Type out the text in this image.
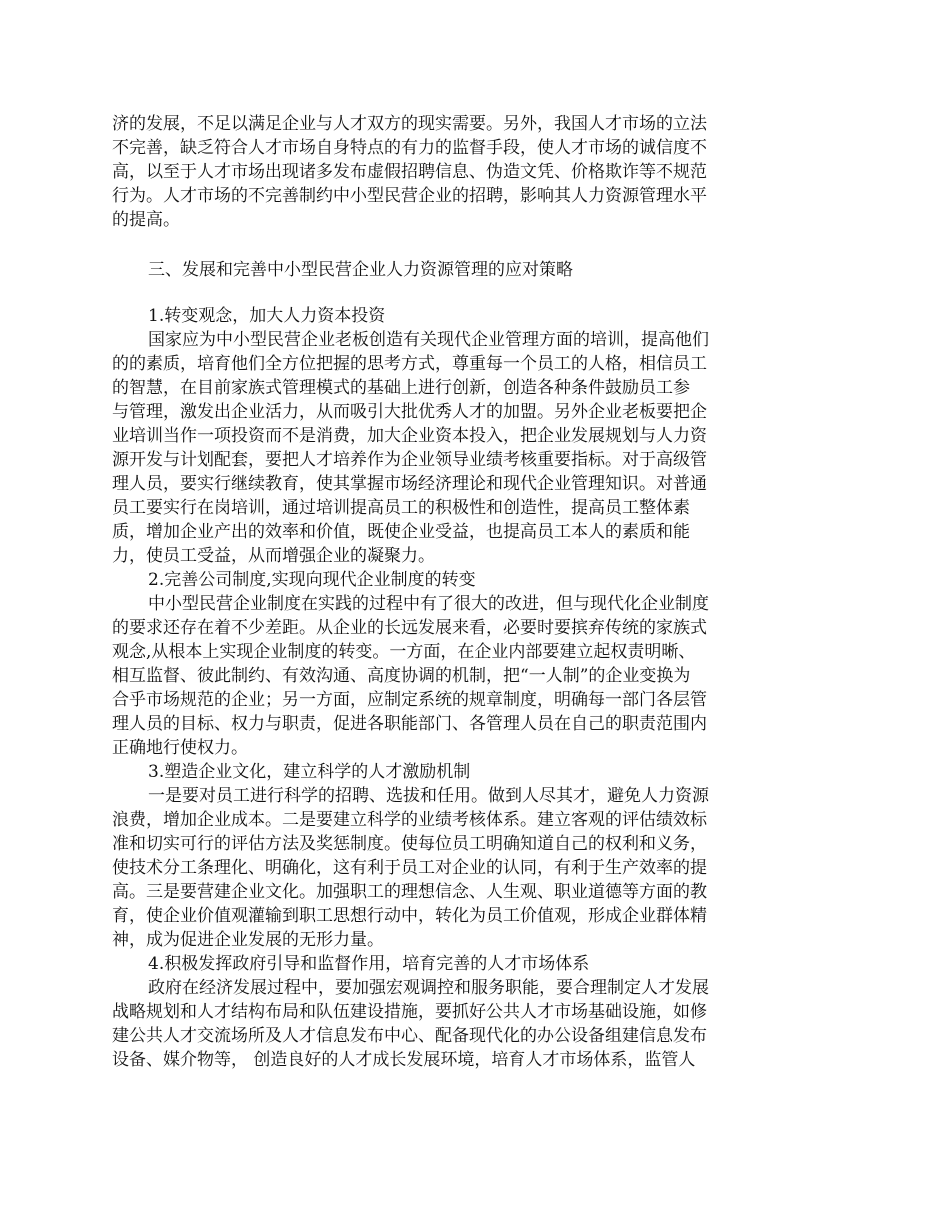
济的发展，不足以满足企业与人才双方的现实需要。另外，我国人才市场的立法
不完善，缺乏符合人才市场自身特点的有力的监督手段，使人才市场的诚信度不
高，以至于人才市场出现诸多发布虚假招聘信息、伪造文凭、价格欺诈等不规范
行为。人才市场的不完善制约中小型民营企业的招聘，影响其人力资源管理水平
的提高。
三、发展和完善中小型民营企业人力资源管理的应对策略
1.转变观念，加大人力资本投资
国家应为中小型民营企业老板创造有关现代企业管理方面的培训，提高他们
的的素质，培育他们全方位把握的思考方式，尊重每一个员工的人格，相信员工
的智慧，在目前家族式管理模式的基础上进行创新，创造各种条件鼓励员工参
与管理，激发出企业活力，从而吸引大批优秀人才的加盟。另外企业老板要把企
业培训当作一项投资而不是消费，加大企业资本投入，把企业发展规划与人力资
源开发与计划配套，要把人才培养作为企业领导业绩考核重要指标。对于高级管
理人员，要实行继续教育，使其掌握市场经济理论和现代企业管理知识。对普通
员工要实行在岗培训，通过培训提高员工的积极性和创造性，提高员工整体素
质，增加企业产出的效率和价值，既使企业受益，也提高员工本人的素质和能
力，使员工受益，从而增强企业的凝聚力。
2.完善公司制度,实现向现代企业制度的转变
中小型民营企业制度在实践的过程中有了很大的改进，但与现代化企业制度
的要求还存在着不少差距。从企业的长远发展来看，必要时要摈弃传统的家族式
观念,从根本上实现企业制度的转变。一方面，在企业内部要建立起权责明晰、
相互监督、彼此制约、有效沟通、高度协调的机制，把“一人制”的企业变换为
合乎市场规范的企业；另一方面，应制定系统的规章制度，明确每一部门各层管
理人员的目标、权力与职责，促进各职能部门、各管理人员在自己的职责范围内
正确地行使权力。
3.塑造企业文化，建立科学的人才激励机制
一是要对员工进行科学的招聘、选拔和任用。做到人尽其才，避免人力资源
浪费，增加企业成本。二是要建立科学的业绩考核体系。建立客观的评估绩效标
准和切实可行的评估方法及奖惩制度。使每位员工明确知道自己的权利和义务，
使技术分工条理化、明确化，这有利于员工对企业的认同，有利于生产效率的提
高。三是要营建企业文化。加强职工的理想信念、人生观、职业道德等方面的教
育，使企业价值观灌输到职工思想行动中，转化为员工价值观，形成企业群体精
神，成为促进企业发展的无形力量。
4.积极发挥政府引导和监督作用，培育完善的人才市场体系
政府在经济发展过程中，要加强宏观调控和服务职能，要合理制定人才发展
战略规划和人才结构布局和队伍建设措施，要抓好公共人才市场基础设施，如修
建公共人才交流场所及人才信息发布中心、配备现代化的办公设备组建信息发布
设备、媒介物等， 创造良好的人才成长发展环境，培育人才市场体系，监管人
